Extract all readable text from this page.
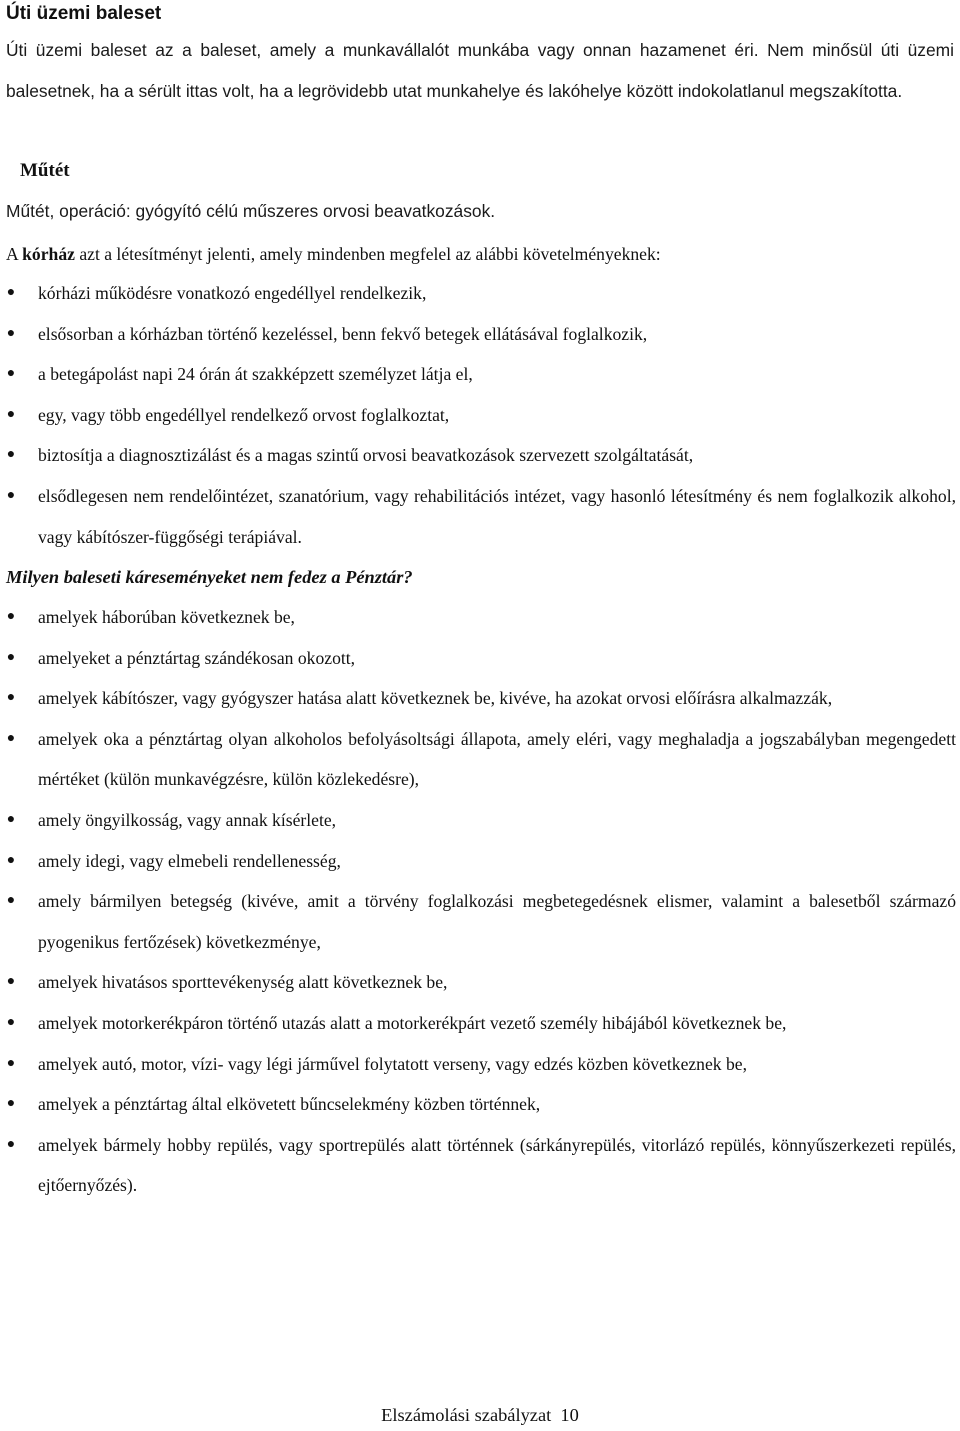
Úti üzemi baleset

Úti üzemi baleset az a baleset, amely a munkavállalót munkába vagy onnan hazamenet éri. Nem minősül úti üzemi balesetnek, ha a sérült ittas volt, ha a legrövidebb utat munkahelye és lakóhelye között indokolatlanul megszakította.

Műtét

Műtét, operáció: gyógyító célú műszeres orvosi beavatkozások.

A kórház azt a létesítményt jelenti, amely mindenben megfelel az alábbi követelményeknek:

● kórházi működésre vonatkozó engedéllyel rendelkezik,
● elsősorban a kórházban történő kezeléssel, benn fekvő betegek ellátásával foglalkozik,
● a betegápolást napi 24 órán át szakképzett személyzet látja el,
● egy, vagy több engedéllyel rendelkező orvost foglalkoztat,
● biztosítja a diagnosztizálást és a magas szintű orvosi beavatkozások szervezett szolgáltatását,
● elsődlegesen nem rendelőintézet, szanatórium, vagy rehabilitációs intézet, vagy hasonló létesítmény és nem foglalkozik alkohol, vagy kábítószer-függőségi terápiával.
Milyen baleseti káreseményeket nem fedez a Pénztár?
● amelyek háborúban következnek be,
● amelyeket a pénztártag szándékosan okozott,
● amelyek kábítószer, vagy gyógyszer hatása alatt következnek be, kivéve, ha azokat orvosi előírásra alkalmazzák,
● amelyek oka a pénztártag olyan alkoholos befolyásoltsági állapota, amely eléri, vagy meghaladja a jogszabályban megengedett mértéket (külön munkavégzésre, külön közlekedésre),
● amely öngyilkosság, vagy annak kísérlete,
● amely idegi, vagy elmebeli rendellenesség,
● amely bármilyen betegség (kivéve, amit a törvény foglalkozási megbetegedésnek elismer, valamint a balesetből származó pyogenikus fertőzések) következménye,
● amelyek hivatásos sporttevékenység alatt következnek be,
● amelyek motorkerékpáron történő utazás alatt a motorkerékpárt vezető személy hibájából következnek be,
● amelyek autó, motor, vízi- vagy légi járművel folytatott verseny, vagy edzés közben következnek be,
● amelyek a pénztártag által elkövetett bűncselekmény közben történnek,
● amelyek bármely hobby repülés, vagy sportrepülés alatt történnek (sárkányrepülés, vitorlázó repülés, könnyűszerkezeti repülés, ejtőernyőzés).
Elszámolási szabályzat 10
